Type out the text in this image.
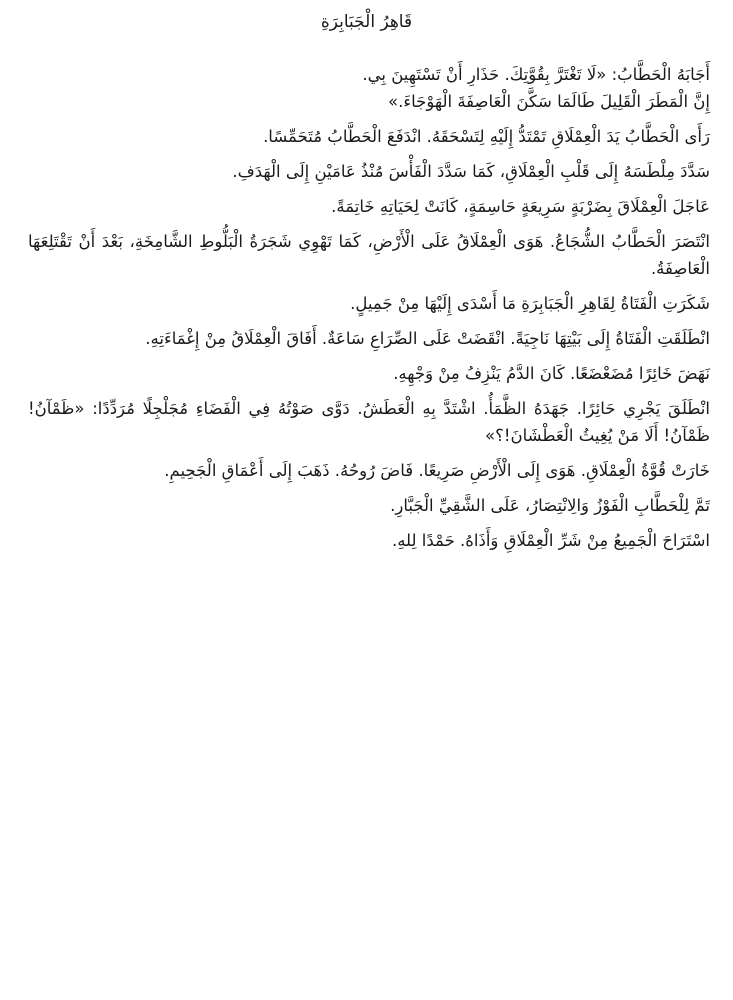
قَاهِرُ الْجَبَابِرَةِ

أَجَابَهُ الْحَطَّابُ: «لَا تَغْتَرَّ بِقُوَّتِكَ. حَذَارِ أَنْ تَسْتَهِينَ بِي.

إِنَّ الْمَطَرَ الْقَلِيلَ طَالَمَا سَكَّنَ الْعَاصِفَةَ الْهَوْجَاءَ.»

رَأَى الْحَطَّابُ يَدَ الْعِمْلَاقِ تَمْتَدُّ إِلَيْهِ لِتَسْحَقَهُ. انْدَفَعَ الْحَطَّابُ مُتَحَمِّسًا.

سَدَّدَ مِلْطَسَهُ إِلَى قَلْبِ الْعِمْلَاقِ، كَمَا سَدَّدَ الْفَأْسَ مُنْذُ عَامَيْنِ إِلَى الْهَدَفِ.

عَاجَلَ الْعِمْلَاقَ بِضَرْبَةٍ سَرِيعَةٍ حَاسِمَةٍ، كَانَتْ لِحَيَاتِهِ خَاتِمَةً.

انْتَصَرَ الْحَطَّابُ الشُّجَاعُ. هَوَى الْعِمْلَاقُ عَلَى الْأَرْضِ، كَمَا تَهْوِي شَجَرَةُ الْبَلُّوطِ الشَّامِخَةِ، بَعْدَ أَنْ تَقْتَلِعَهَا الْعَاصِفَةُ.

شَكَرَتِ الْفَتَاةُ لِقَاهِرِ الْجَبَابِرَةِ مَا أَسْدَى إِلَيْهَا مِنْ جَمِيلٍ.

انْطَلَقَتِ الْفَتَاةُ إِلَى بَيْتِهَا نَاجِيَةً. انْقَضَتْ عَلَى الصِّرَاعِ سَاعَةٌ. أَفَاقَ الْعِمْلَاقُ مِنْ إِغْمَاءَتِهِ.

نَهَضَ خَائِرًا مُضَعْضَعًا. كَانَ الدَّمُ يَنْزِفُ مِنْ وَجْهِهِ.

انْطَلَقَ يَجْرِي حَائِرًا. جَهَدَهُ الظَّمَأُ. اشْتَدَّ بِهِ الْعَطَشُ. دَوَّى صَوْتُهُ فِي الْفَضَاءِ مُجَلْجِلًا مُرَدِّدًا: «ظَمْآنُ! ظَمْآنُ! أَلَا مَنْ يُغِيثُ الْعَطْشَانَ!؟»

خَارَتْ قُوَّةُ الْعِمْلَاقِ. هَوَى إِلَى الْأَرْضِ صَرِيعًا. فَاضَ رُوحُهُ. ذَهَبَ إِلَى أَعْمَاقِ الْجَحِيمِ.

تَمَّ لِلْحَطَّابِ الْفَوْزُ وَالِانْتِصَارُ، عَلَى الشَّقِيِّ الْجَبَّارِ.

اسْتَرَاحَ الْجَمِيعُ مِنْ شَرِّ الْعِمْلَاقِ وَأَذَاهُ. حَمْدًا لِلهِ.
